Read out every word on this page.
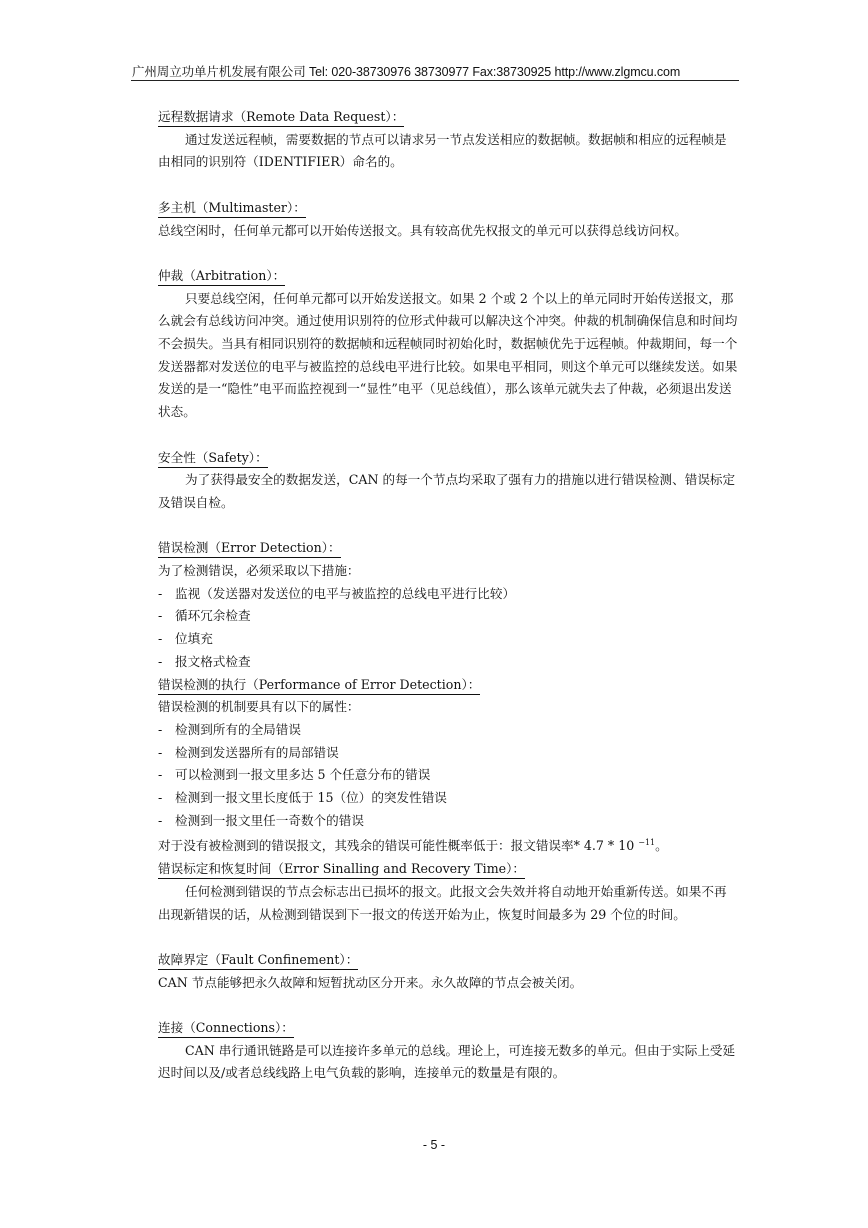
广州周立功单片机发展有限公司 Tel: 020-38730976 38730977 Fax:38730925 http://www.zlgmcu.com

远程数据请求（Remote Data Request）：

通过发送远程帧，需要数据的节点可以请求另一节点发送相应的数据帧。数据帧和相应的远程帧是由相同的识别符（IDENTIFIER）命名的。

多主机（Multimaster）：

总线空闲时，任何单元都可以开始传送报文。具有较高优先权报文的单元可以获得总线访问权。

仲裁（Arbitration）：

只要总线空闲，任何单元都可以开始发送报文。如果 2 个或 2 个以上的单元同时开始传送报文，那么就会有总线访问冲突。通过使用识别符的位形式仲裁可以解决这个冲突。仲裁的机制确保信息和时间均不会损失。当具有相同识别符的数据帧和远程帧同时初始化时，数据帧优先于远程帧。仲裁期间，每一个发送器都对发送位的电平与被监控的总线电平进行比较。如果电平相同，则这个单元可以继续发送。如果发送的是一“隐性”电平而监控视到一“显性”电平（见总线值），那么该单元就失去了仲裁，必须退出发送状态。

安全性（Safety）：

为了获得最安全的数据发送，CAN 的每一个节点均采取了强有力的措施以进行错误检测、错误标定及错误自检。

错误检测（Error Detection）：

为了检测错误，必须采取以下措施：

- 监视（发送器对发送位的电平与被监控的总线电平进行比较）

- 循环冗余检查

- 位填充

- 报文格式检查

错误检测的执行（Performance of Error Detection）：

错误检测的机制要具有以下的属性：

- 检测到所有的全局错误

- 检测到发送器所有的局部错误

- 可以检测到一报文里多达 5 个任意分布的错误

- 检测到一报文里长度低于 15（位）的突发性错误

- 检测到一报文里任一奇数个的错误

对于没有被检测到的错误报文，其残余的错误可能性概率低于：报文错误率* 4.7 * 10 $^{-11}$。

错误标定和恢复时间（Error Sinalling and Recovery Time）：

任何检测到错误的节点会标志出已损坏的报文。此报文会失效并将自动地开始重新传送。如果不再出现新错误的话，从检测到错误到下一报文的传送开始为止，恢复时间最多为 29 个位的时间。

故障界定（Fault Confinement）：

CAN 节点能够把永久故障和短暂扰动区分开来。永久故障的节点会被关闭。

连接（Connections）：

CAN 串行通讯链路是可以连接许多单元的总线。理论上，可连接无数多的单元。但由于实际上受延迟时间以及/或者总线线路上电气负载的影响，连接单元的数量是有限的。

- 5 -
